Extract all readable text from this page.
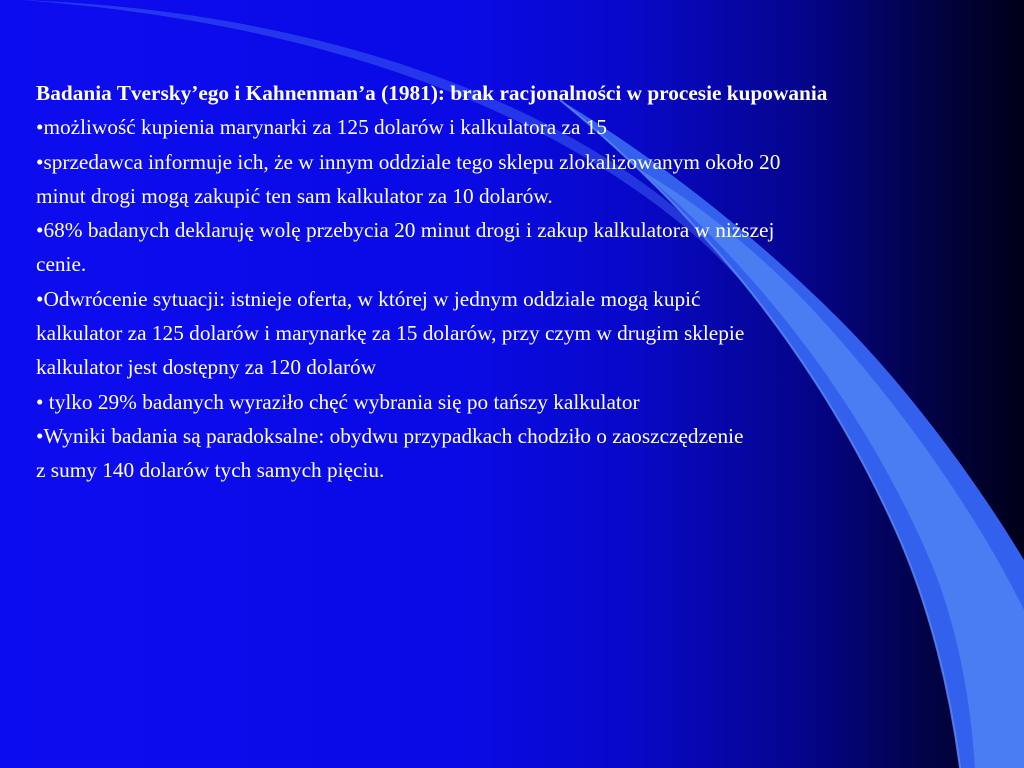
Badania Tversky’ego i Kahnenman’a (1981): brak racjonalności w procesie kupowania

•możliwość kupienia marynarki za 125 dolarów i kalkulatora za 15

•sprzedawca informuje ich, że w innym oddziale tego sklepu zlokalizowanym około 20
minut drogi mogą zakupić ten sam kalkulator za 10 dolarów.

•68% badanych deklaruję wolę przebycia 20 minut drogi i zakup kalkulatora w niższej
cenie.

•Odwrócenie sytuacji: istnieje oferta, w której w jednym oddziale mogą kupić
kalkulator za 125 dolarów i marynarkę za 15 dolarów, przy czym w drugim sklepie
kalkulator jest dostępny za 120 dolarów

• tylko 29% badanych wyraziło chęć wybrania się po tańszy kalkulator

•Wyniki badania są paradoksalne: obydwu przypadkach chodziło o zaoszczędzenie
z sumy 140 dolarów tych samych pięciu.
